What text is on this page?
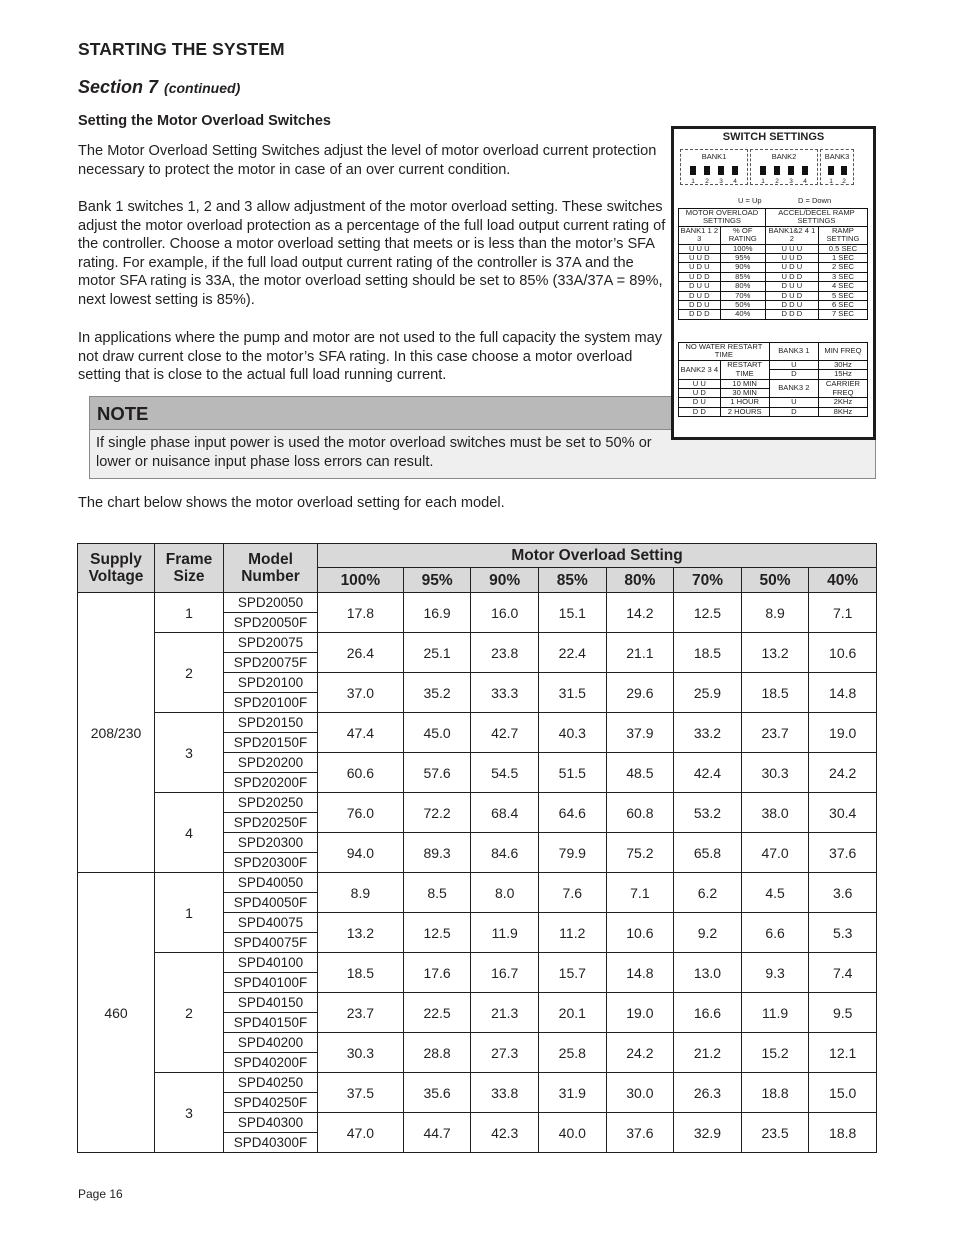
STARTING THE SYSTEM
Section 7 (continued)
Setting the Motor Overload Switches
The Motor Overload Setting Switches adjust the level of motor overload current protection necessary to protect the motor in case of an over current condition.
Bank 1 switches 1, 2 and 3 allow adjustment of the motor overload setting. These switches adjust the motor overload protection as a percentage of the full load output current rating of the controller. Choose a motor overload setting that meets or is less than the motor’s SFA rating. For example, if the full load output current rating of the controller is 37A and the motor SFA rating is 33A, the motor overload setting should be set to 85% (33A/37A = 89%, next lowest setting is 85%).
In applications where the pump and motor are not used to the full capacity the system may not draw current close to the motor’s SFA rating. In this case choose a motor overload setting that is close to the actual full load running current.
NOTE
If single phase input power is used the motor overload switches must be set to 50% or lower or nuisance input phase loss errors can result.
SWITCH SETTINGS
BANK1
1 2 3 4
BANK2
1 2 3 4
BANK3
1 2
U = Up	D = Down
MOTOR OVERLOAD SETTINGS		ACCEL/DECEL RAMP SETTINGS	
BANK1 1 2 3	% OF RATING	BANK1&2 4 1 2	RAMP SETTING
U U U	100%	U U U	0.5 SEC
U U D	95%	U U D	1 SEC
U D U	90%	U D U	2 SEC
U D D	85%	U D D	3 SEC
D U U	80%	D U U	4 SEC
D U D	70%	D U D	5 SEC
D D U	50%	D D U	6 SEC
D D D	40%	D D D	7 SEC
NO WATER RESTART TIME		BANK3 1	MIN FREQ
BANK2 3 4	RESTART TIME	U	30Hz
		D	15Hz
U U	10 MIN	BANK3 2	CARRIER FREQ
U D	30 MIN		
D U	1 HOUR	U	2KHz
D D	2 HOURS	D	8KHz
The chart below shows the motor overload setting for each model.
Supply Voltage	Frame Size	Model Number	Motor Overload Setting							
			100%	95%	90%	85%	80%	70%	50%	40%
208/230	1	SPD20050	17.8	16.9	16.0	15.1	14.2	12.5	8.9	7.1
		SPD20050F								
	2	SPD20075	26.4	25.1	23.8	22.4	21.1	18.5	13.2	10.6
		SPD20075F								
		SPD20100	37.0	35.2	33.3	31.5	29.6	25.9	18.5	14.8
		SPD20100F								
	3	SPD20150	47.4	45.0	42.7	40.3	37.9	33.2	23.7	19.0
		SPD20150F								
		SPD20200	60.6	57.6	54.5	51.5	48.5	42.4	30.3	24.2
		SPD20200F								
	4	SPD20250	76.0	72.2	68.4	64.6	60.8	53.2	38.0	30.4
		SPD20250F								
		SPD20300	94.0	89.3	84.6	79.9	75.2	65.8	47.0	37.6
		SPD20300F								
460	1	SPD40050	8.9	8.5	8.0	7.6	7.1	6.2	4.5	3.6
		SPD40050F								
		SPD40075	13.2	12.5	11.9	11.2	10.6	9.2	6.6	5.3
		SPD40075F								
	2	SPD40100	18.5	17.6	16.7	15.7	14.8	13.0	9.3	7.4
		SPD40100F								
		SPD40150	23.7	22.5	21.3	20.1	19.0	16.6	11.9	9.5
		SPD40150F								
		SPD40200	30.3	28.8	27.3	25.8	24.2	21.2	15.2	12.1
		SPD40200F								
	3	SPD40250	37.5	35.6	33.8	31.9	30.0	26.3	18.8	15.0
		SPD40250F								
		SPD40300	47.0	44.7	42.3	40.0	37.6	32.9	23.5	18.8
		SPD40300F								
Page 16
